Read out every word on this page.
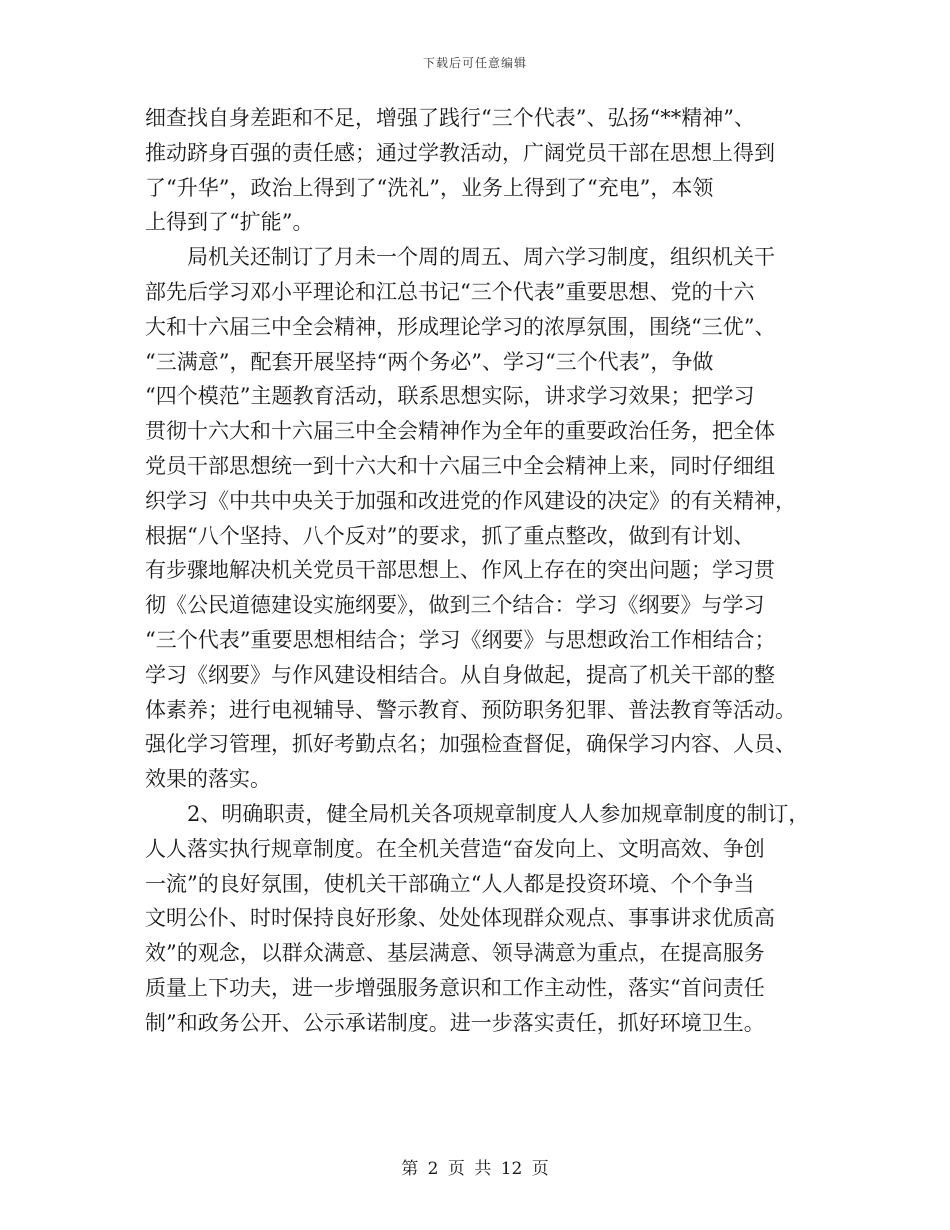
下载后可任意编辑
细查找自身差距和不足，增强了践行“三个代表”、弘扬“**精神”、
推动跻身百强的责任感；通过学教活动，广阔党员干部在思想上得到
了“升华”，政治上得到了“洗礼”，业务上得到了“充电”，本领
上得到了“扩能”。
局机关还制订了月未一个周的周五、周六学习制度，组织机关干
部先后学习邓小平理论和江总书记“三个代表”重要思想、党的十六
大和十六届三中全会精神，形成理论学习的浓厚氛围，围绕“三优”、
“三满意”，配套开展坚持“两个务必”、学习“三个代表”，争做
“四个模范”主题教育活动，联系思想实际，讲求学习效果；把学习
贯彻十六大和十六届三中全会精神作为全年的重要政治任务，把全体
党员干部思想统一到十六大和十六届三中全会精神上来，同时仔细组
织学习《中共中央关于加强和改进党的作风建设的决定》的有关精神，
根据“八个坚持、八个反对”的要求，抓了重点整改，做到有计划、
有步骤地解决机关党员干部思想上、作风上存在的突出问题；学习贯
彻《公民道德建设实施纲要》，做到三个结合：学习《纲要》与学习
“三个代表”重要思想相结合；学习《纲要》与思想政治工作相结合；
学习《纲要》与作风建设相结合。从自身做起，提高了机关干部的整
体素养；进行电视辅导、警示教育、预防职务犯罪、普法教育等活动。
强化学习管理，抓好考勤点名；加强检查督促，确保学习内容、人员、
效果的落实。
2、明确职责，健全局机关各项规章制度人人参加规章制度的制订，
人人落实执行规章制度。在全机关营造“奋发向上、文明高效、争创
一流”的良好氛围，使机关干部确立“人人都是投资环境、个个争当
文明公仆、时时保持良好形象、处处体现群众观点、事事讲求优质高
效”的观念，以群众满意、基层满意、领导满意为重点，在提高服务
质量上下功夫，进一步增强服务意识和工作主动性，落实“首问责任
制”和政务公开、公示承诺制度。进一步落实责任，抓好环境卫生。
第 2 页 共 12 页
